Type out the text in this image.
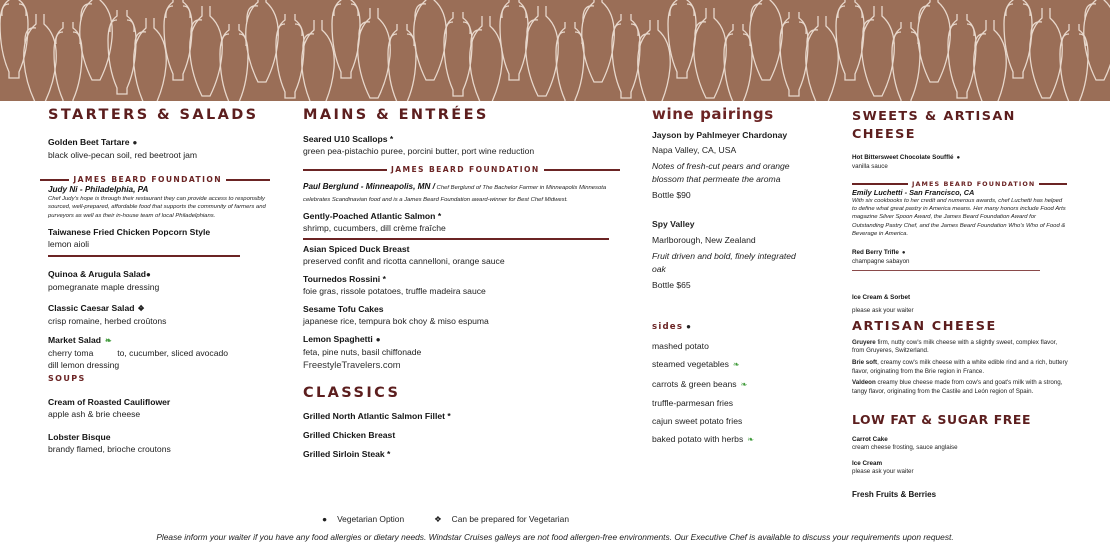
STARTERS & SALADS
Golden Beet Tartare ●
black olive-pecan soil, red beetroot jam
JAMES BEARD FOUNDATION
Judy Ni - Philadelphia, PA
Chef Judy's hope is through their restaurant they can provide access to responsibly sourced, well-prepared, affordable food that supports the community of farmers and purveyors as well as their in-house team of local Philadelphians.
Taiwanese Fried Chicken Popcorn Style
lemon aioli
Quinoa & Arugula Salad●
pomegranate maple dressing
Classic Caesar Salad ❖
crisp romaine, herbed croûtons
Market Salad ❧
cherry toma          to, cucumber, sliced avocado
dill lemon dressing
SOUPS
Cream of Roasted Cauliflower
apple ash & brie cheese
Lobster Bisque
brandy flamed, brioche croutons
MAINS & ENTRÉES
Seared U10 Scallops *
green pea-pistachio puree, porcini butter, port wine reduction
JAMES BEARD FOUNDATION
Paul Berglund - Minneapolis, MN / Chef Berglund of The Bachelor Farmer in Minneapolis Minnesota celebrates Scandinavian food and is a James Beard Foundation award-winner for Best Chef Midwest.
Gently-Poached Atlantic Salmon *
shrimp, cucumbers, dill crème fraîche
Asian Spiced Duck Breast
preserved confit and ricotta cannelloni, orange sauce
Tournedos Rossini *
foie gras, rissole potatoes, truffle madeira sauce
Sesame Tofu Cakes
japanese rice, tempura bok choy & miso espuma
Lemon Spaghetti ●
feta, pine nuts, basil chiffonade
FreestyleTravelers.com
CLASSICS
Grilled North Atlantic Salmon Fillet *
Grilled Chicken Breast
Grilled Sirloin Steak *
wine pairings
Jayson by Pahlmeyer Chardonay
Napa Valley, CA, USA
Notes of fresh-cut pears and orange blossom that permeate the aroma
Bottle $90
Spy Valley
Marlborough, New Zealand
Fruit driven and bold, finely integrated oak
Bottle $65
sides ●
mashed potato
steamed vegetables ❧
carrots & green beans ❧
truffle-parmesan fries
cajun sweet potato fries
baked potato with herbs ❧
SWEETS & ARTISAN CHEESE
Hot Bittersweet Chocolate Soufflé ●
vanilla sauce
JAMES BEARD FOUNDATION
Emily Luchetti - San Francisco, CA
With six cookbooks to her credit and numerous awards, chef Luchetti has helped to define what great pastry in America means. Her many honors include Food Arts magazine Silver Spoon Award, the James Beard Foundation Award for Outstanding Pastry Chef, and the James Beard Foundation Who's Who of Food & Beverage in America.
Red Berry Trifle ●
champagne sabayon
Ice Cream & Sorbet
please ask your waiter
ARTISAN CHEESE
Gruyere firm, nutty cow's milk cheese with a slightly sweet, complex flavor, from Gruyeres, Switzerland.
Brie soft, creamy cow's milk cheese with a white edible rind and a rich, buttery flavor, originating from the Brie region in France.
Valdeon creamy blue cheese made from cow's and goat's milk with a strong, tangy flavor, originating from the Castile and León region of Spain.
LOW FAT & SUGAR FREE
Carrot Cake
cream cheese frosting, sauce anglaise
Ice Cream
please ask your waiter
Fresh Fruits & Berries
● Vegetarian Option	❖ Can be prepared for Vegetarian
Please inform your waiter if you have any food allergies or dietary needs. Windstar Cruises galleys are not food allergen-free environments. Our Executive Chef is available to discuss your requirements upon request.
